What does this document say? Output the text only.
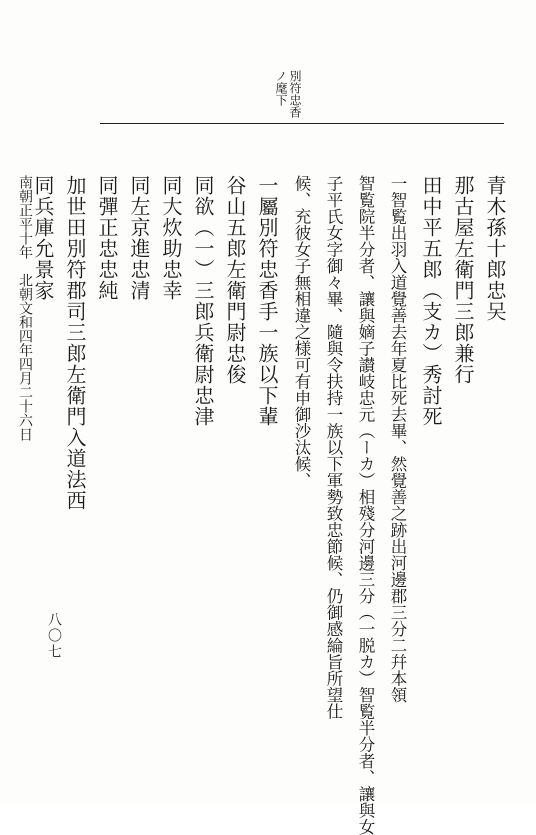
別符忠香
ノ麾下
青木孫十郎忠㕦
那古屋左衛門三郎兼行
田中平五郎（支カ）秀討死
一智覧出羽入道覺善去年夏比死去畢、然覺善之跡出河邊郡三分二幷本領
智覧院半分者、讓與嫡子讃岐忠元（ーカ）相殘分河邊三分（一脱カ）智覧半分者、讓與女
子平氏女字御々畢、隨與令扶持一族以下軍勢致忠節候、仍御感綸旨所望仕
候、充彼女子無相違之様可有申御沙汰候、
一屬別符忠香手一族以下輩
谷山五郎左衛門尉忠俊
同欲（一）三郎兵衛尉忠津
同大炊助忠幸
同左京進忠清
同彈正忠忠純
加世田別符郡司三郎左衛門入道法西
同兵庫允景家
南朝正平十年　北朝文和四年四月二十六日
八〇七
